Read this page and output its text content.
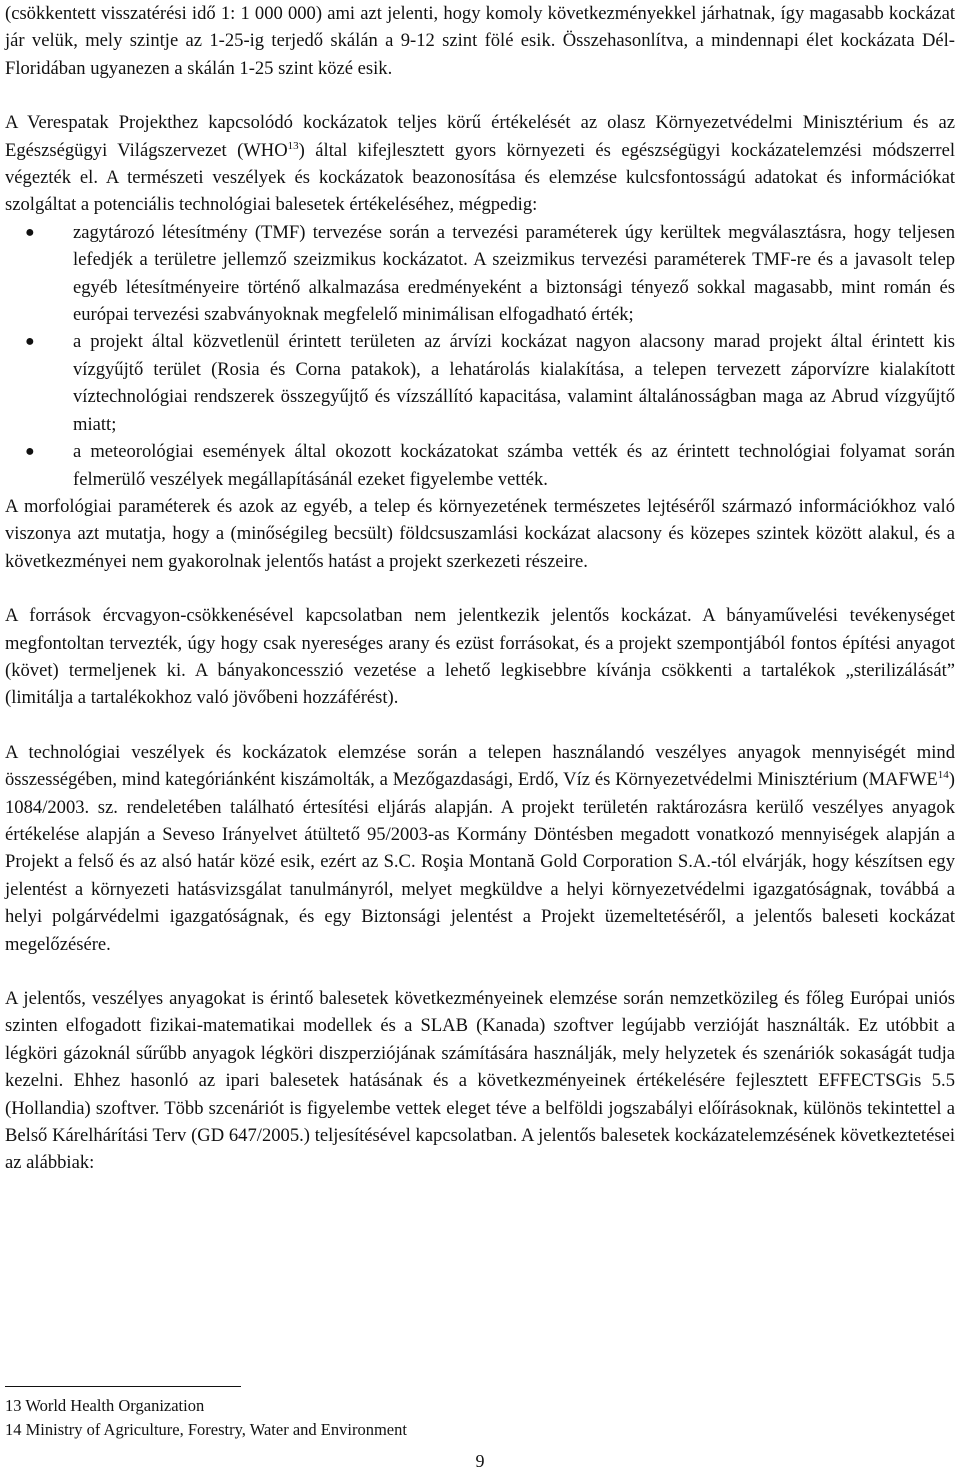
(csökkentett visszatérési idő 1: 1 000 000) ami azt jelenti, hogy komoly következményekkel járhatnak, így magasabb kockázat jár velük, mely szintje az 1-25-ig terjedő skálán a 9-12 szint fölé esik. Összehasonlítva, a mindennapi élet kockázata Dél-Floridában ugyanezen a skálán 1-25 szint közé esik.

A Verespatak Projekthez kapcsolódó kockázatok teljes körű értékelését az olasz Környezetvédelmi Minisztérium és az Egészségügyi Világszervezet (WHO$^{13}$) által kifejlesztett gyors környezeti és egészségügyi kockázatelemzési módszerrel végezték el. A természeti veszélyek és kockázatok beazonosítása és elemzése kulcsfontosságú adatokat és információkat szolgáltat a potenciális technológiai balesetek értékeléséhez, mégpedig:

● zagytározó létesítmény (TMF) tervezése során a tervezési paraméterek úgy kerültek megválasztásra, hogy teljesen lefedjék a területre jellemző szeizmikus kockázatot. A szeizmikus tervezési paraméterek TMF-re és a javasolt telep egyéb létesítményeire történő alkalmazása eredményeként a biztonsági tényező sokkal magasabb, mint román és európai tervezési szabványoknak megfelelő minimálisan elfogadható érték;
● a projekt által közvetlenül érintett területen az árvízi kockázat nagyon alacsony marad projekt által érintett kis vízgyűjtő terület (Rosia és Corna patakok), a lehatárolás kialakítása, a telepen tervezett záporvízre kialakított víztechnológiai rendszerek összegyűjtő és vízszállító kapacitása, valamint általánosságban maga az Abrud vízgyűjtő miatt;
● a meteorológiai események által okozott kockázatokat számba vették és az érintett technológiai folyamat során felmerülő veszélyek megállapításánál ezeket figyelembe vették.

A morfológiai paraméterek és azok az egyéb, a telep és környezetének természetes lejtéséről származó információkhoz való viszonya azt mutatja, hogy a (minőségileg becsült) földcsuszamlási kockázat alacsony és közepes szintek között alakul, és a következményei nem gyakorolnak jelentős hatást a projekt szerkezeti részeire.

A források ércvagyon-csökkenésével kapcsolatban nem jelentkezik jelentős kockázat. A bányaművelési tevékenységet megfontoltan tervezték, úgy hogy csak nyereséges arany és ezüst forrásokat, és a projekt szempontjából fontos építési anyagot (követ) termeljenek ki. A bányakoncesszió vezetése a lehető legkisebbre kívánja csökkenti a tartalékok „sterilizálását” (limitálja a tartalékokhoz való jövőbeni hozzáférést).

A technológiai veszélyek és kockázatok elemzése során a telepen használandó veszélyes anyagok mennyiségét mind összességében, mind kategóriánként kiszámolták, a Mezőgazdasági, Erdő, Víz és Környezetvédelmi Minisztérium (MAFWE$^{14}$) 1084/2003. sz. rendeletében található értesítési eljárás alapján. A projekt területén raktározásra kerülő veszélyes anyagok értékelése alapján a Seveso Irányelvet átültető 95/2003-as Kormány Döntésben megadott vonatkozó mennyiségek alapján a Projekt a felső és az alsó határ közé esik, ezért az S.C. Roşia Montană Gold Corporation S.A.-tól elvárják, hogy készítsen egy jelentést a környezeti hatásvizsgálat tanulmányról, melyet megküldve a helyi környezetvédelmi igazgatóságnak, továbbá a helyi polgárvédelmi igazgatóságnak, és egy Biztonsági jelentést a Projekt üzemeltetéséről, a jelentős baleseti kockázat megelőzésére.

A jelentős, veszélyes anyagokat is érintő balesetek következményeinek elemzése során nemzetközileg és főleg Európai uniós szinten elfogadott fizikai-matematikai modellek és a SLAB (Kanada) szoftver legújabb verzióját használták. Ez utóbbit a légköri gázoknál sűrűbb anyagok légköri diszperziójának számítására használják, mely helyzetek és szenáriók sokaságát tudja kezelni. Ehhez hasonló az ipari balesetek hatásának és a következményeinek értékelésére fejlesztett EFFECTSGis 5.5 (Hollandia) szoftver. Több szcenáriót is figyelembe vettek eleget téve a belföldi jogszabályi előírásoknak, különös tekintettel a Belső Kárelhárítási Terv (GD 647/2005.) teljesítésével kapcsolatban. A jelentős balesetek kockázatelemzésének következtetései az alábbiak:

13 World Health Organization
14 Ministry of Agriculture, Forestry, Water and Environment
9
